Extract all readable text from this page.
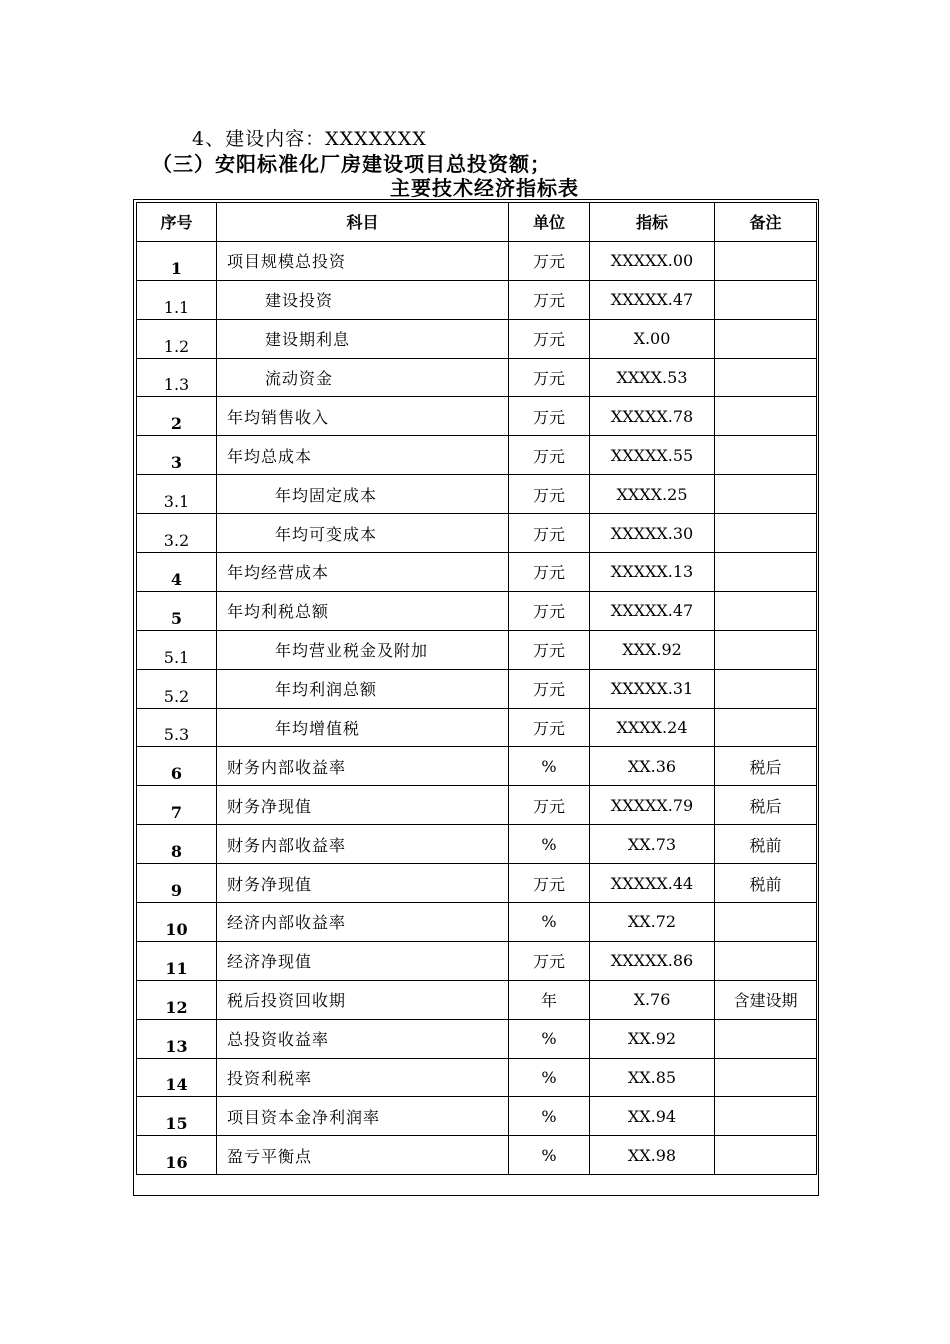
4、建设内容：XXXXXXX
（三）安阳标准化厂房建设项目总投资额；
主要技术经济指标表
序号	科目	单位	指标	备注
1	项目规模总投资	万元	XXXXX.00	
1.1	建设投资	万元	XXXXX.47	
1.2	建设期利息	万元	X.00	
1.3	流动资金	万元	XXXX.53	
2	年均销售收入	万元	XXXXX.78	
3	年均总成本	万元	XXXXX.55	
3.1	年均固定成本	万元	XXXX.25	
3.2	年均可变成本	万元	XXXXX.30	
4	年均经营成本	万元	XXXXX.13	
5	年均利税总额	万元	XXXXX.47	
5.1	年均营业税金及附加	万元	XXX.92	
5.2	年均利润总额	万元	XXXXX.31	
5.3	年均增值税	万元	XXXX.24	
6	财务内部收益率	%	XX.36	税后
7	财务净现值	万元	XXXXX.79	税后
8	财务内部收益率	%	XX.73	税前
9	财务净现值	万元	XXXXX.44	税前
10	经济内部收益率	%	XX.72	
11	经济净现值	万元	XXXXX.86	
12	税后投资回收期	年	X.76	含建设期
13	总投资收益率	%	XX.92	
14	投资利税率	%	XX.85	
15	项目资本金净利润率	%	XX.94	
16	盈亏平衡点	%	XX.98	
